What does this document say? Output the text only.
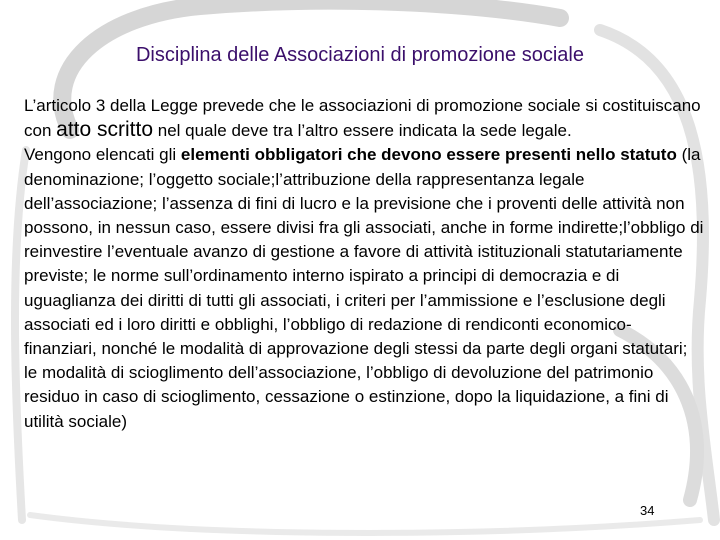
Disciplina delle Associazioni di promozione sociale

L’articolo 3 della Legge prevede che le associazioni di promozione sociale si costituiscano con atto scritto nel quale deve tra l’altro essere indicata la sede legale.

Vengono elencati gli elementi obbligatori che devono essere presenti nello statuto (la denominazione; l’oggetto sociale;l’attribuzione della rappresentanza legale dell’associazione; l’assenza di fini di lucro e la previsione che i proventi delle attività non possono, in nessun caso, essere divisi fra gli associati, anche in forme indirette;l’obbligo di reinvestire l’eventuale avanzo di gestione a favore di attività istituzionali statutariamente previste; le norme sull’ordinamento interno ispirato a principi di democrazia e di uguaglianza dei diritti di tutti gli associati, i criteri per l’ammissione e l’esclusione degli associati ed i loro diritti e obblighi, l’obbligo di redazione di rendiconti economico-finanziari, nonché le modalità di approvazione degli stessi da parte degli organi statutari; le modalità di scioglimento dell’associazione, l’obbligo di devoluzione del patrimonio residuo in caso di scioglimento, cessazione o estinzione, dopo la liquidazione, a fini di utilità sociale)

34
